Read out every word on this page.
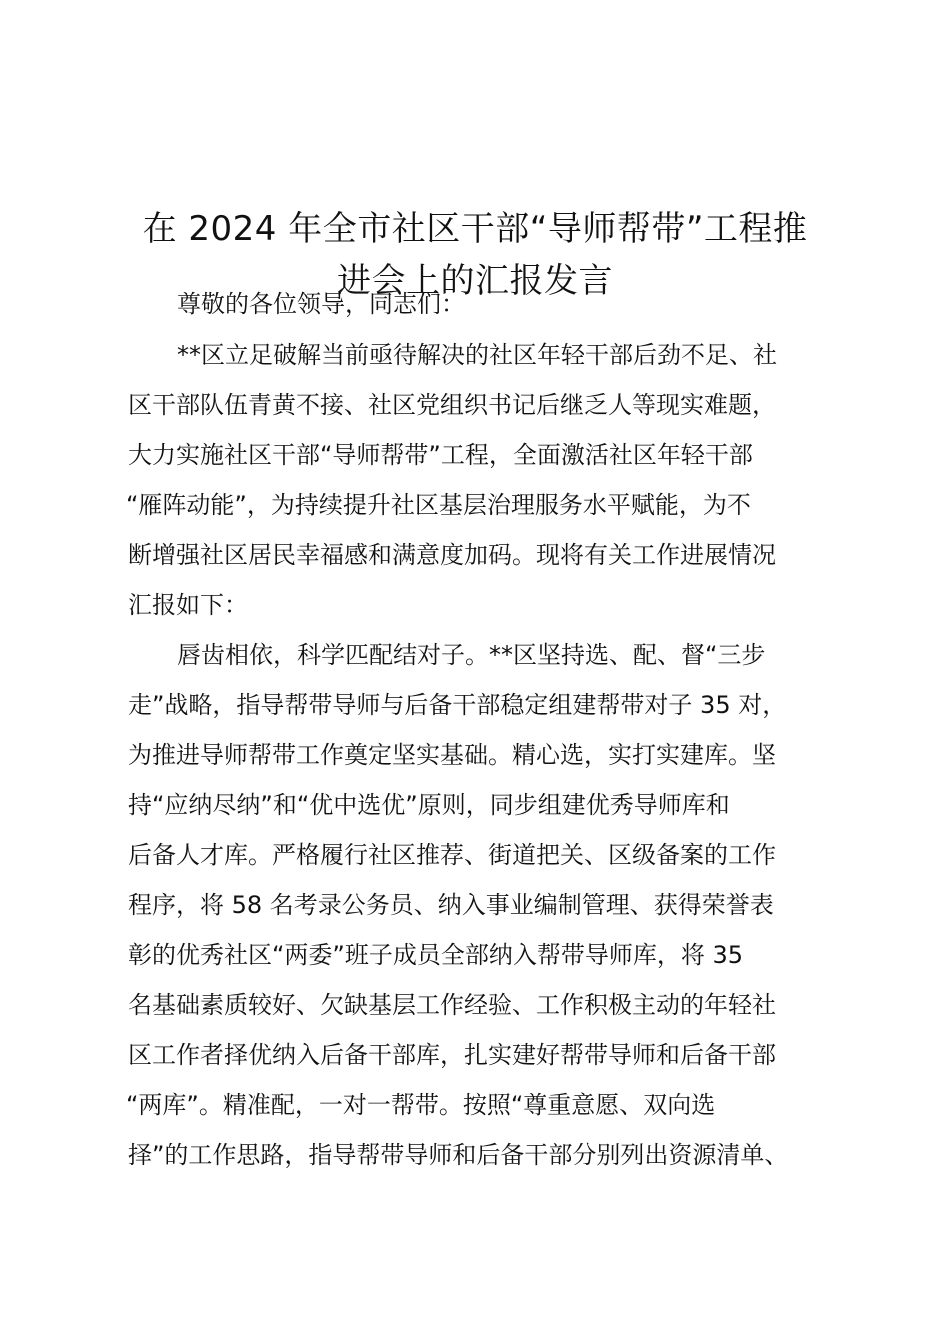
在 2024 年全市社区干部“导师帮带”工程推
进会上的汇报发言
尊敬的各位领导，同志们：
**区立足破解当前亟待解决的社区年轻干部后劲不足、社
区干部队伍青黄不接、社区党组织书记后继乏人等现实难题，
大力实施社区干部“导师帮带”工程，全面激活社区年轻干部
“雁阵动能”，为持续提升社区基层治理服务水平赋能，为不
断增强社区居民幸福感和满意度加码。现将有关工作进展情况
汇报如下：
唇齿相依，科学匹配结对子。**区坚持选、配、督“三步
走”战略，指导帮带导师与后备干部稳定组建帮带对子 35 对，
为推进导师帮带工作奠定坚实基础。精心选，实打实建库。坚
持“应纳尽纳”和“优中选优”原则，同步组建优秀导师库和
后备人才库。严格履行社区推荐、街道把关、区级备案的工作
程序，将 58 名考录公务员、纳入事业编制管理、获得荣誉表
彰的优秀社区“两委”班子成员全部纳入帮带导师库，将 35
名基础素质较好、欠缺基层工作经验、工作积极主动的年轻社
区工作者择优纳入后备干部库，扎实建好帮带导师和后备干部
“两库”。精准配，一对一帮带。按照“尊重意愿、双向选
择”的工作思路，指导帮带导师和后备干部分别列出资源清单、
